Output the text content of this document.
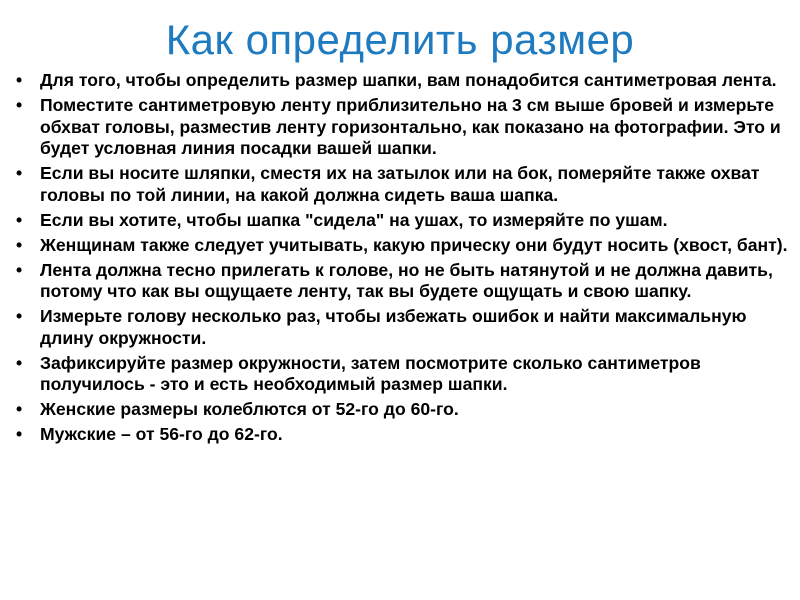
Как определить размер
• Для того, чтобы определить размер шапки, вам понадобится сантиметровая лента.
• Поместите сантиметровую ленту приблизительно на 3 см выше бровей и измерьте обхват головы, разместив ленту горизонтально, как показано на фотографии. Это и будет условная линия посадки вашей шапки.
• Если вы носите шляпки, сместя их на затылок или на бок, померяйте также охват головы по той линии, на какой должна сидеть ваша шапка.
• Если вы хотите, чтобы шапка "сидела" на ушах, то измеряйте по ушам.
• Женщинам также следует учитывать, какую прическу они будут носить (хвост, бант).
• Лента должна тесно прилегать к голове, но не быть натянутой и не должна давить, потому что как вы ощущаете ленту, так вы будете ощущать и свою шапку.
• Измерьте голову несколько раз, чтобы избежать ошибок и найти максимальную длину окружности.
• Зафиксируйте размер окружности, затем посмотрите сколько сантиметров получилось - это и есть необходимый размер шапки.
• Женские размеры колеблются от 52-го до 60-го.
• Мужские – от 56-го до 62-го.
